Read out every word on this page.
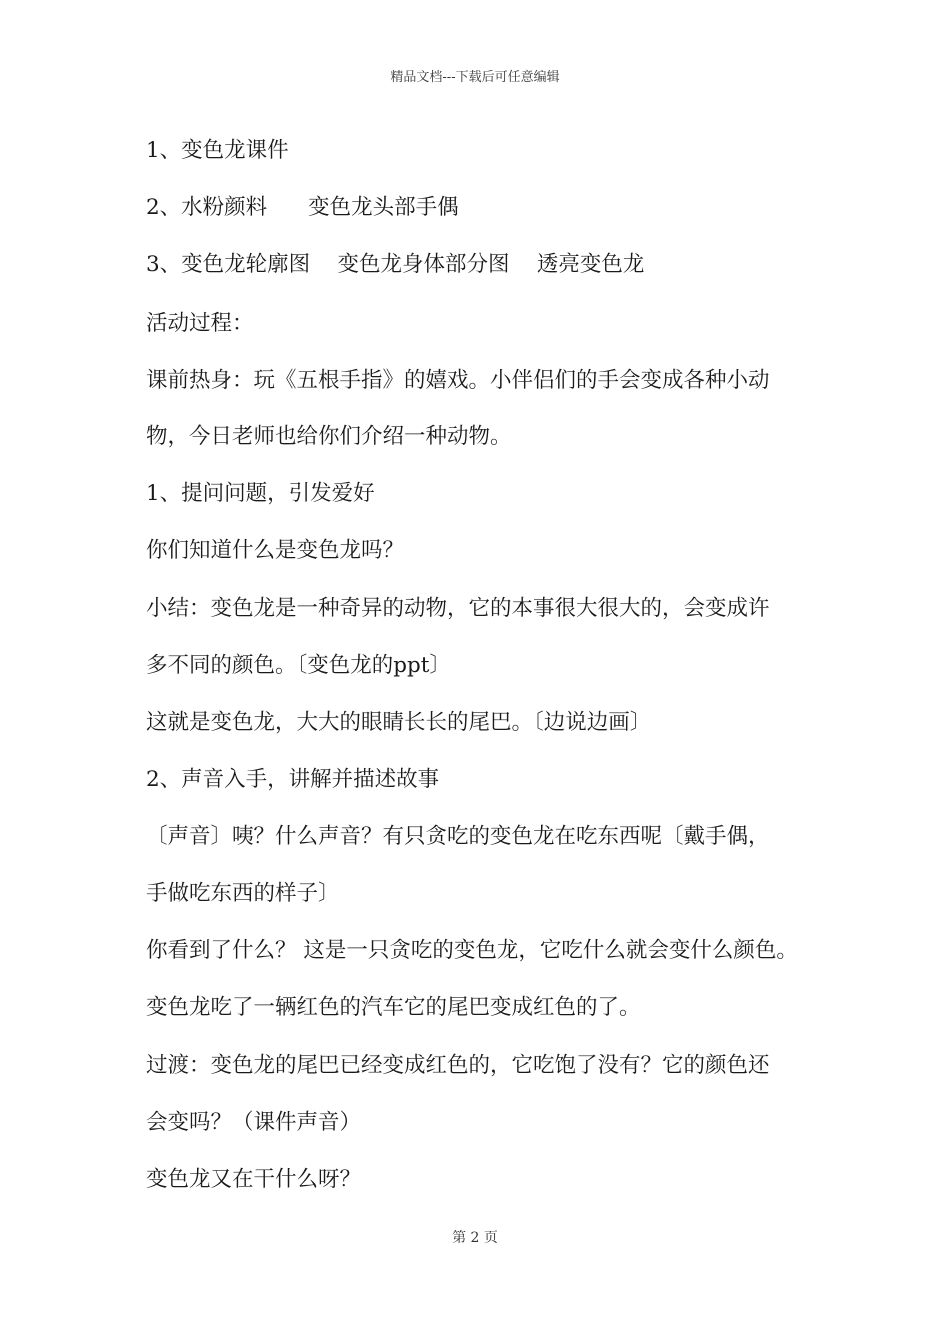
精品文档---下载后可任意编辑
1、变色龙课件
2、水粉颜料      变色龙头部手偶
3、变色龙轮廓图    变色龙身体部分图    透亮变色龙
活动过程：
课前热身：玩《五根手指》的嬉戏。小伴侣们的手会变成各种小动
物，今日老师也给你们介绍一种动物。
1、提问问题，引发爱好
你们知道什么是变色龙吗？
小结：变色龙是一种奇异的动物，它的本事很大很大的，会变成许
多不同的颜色。〔变色龙的ppt〕
这就是变色龙，大大的眼睛长长的尾巴。〔边说边画〕
2、声音入手，讲解并描述故事
〔声音〕咦？什么声音？有只贪吃的变色龙在吃东西呢〔戴手偶，
手做吃东西的样子〕
你看到了什么？ 这是一只贪吃的变色龙，它吃什么就会变什么颜色。
变色龙吃了一辆红色的汽车它的尾巴变成红色的了。
过渡：变色龙的尾巴已经变成红色的，它吃饱了没有？它的颜色还
会变吗？（课件声音）
变色龙又在干什么呀？
第 2 页
